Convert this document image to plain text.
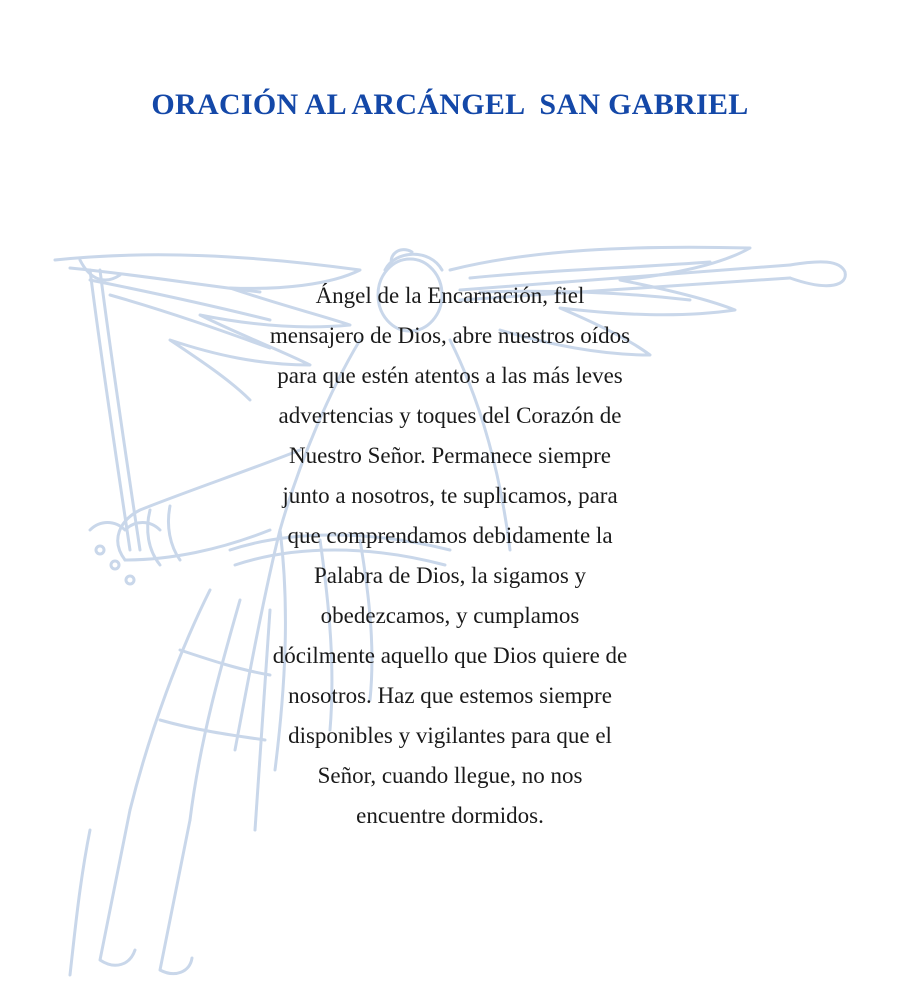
ORACIÓN AL ARCÁNGEL  SAN GABRIEL
Ángel de la Encarnación, fiel
mensajero de Dios, abre nuestros oídos
para que estén atentos a las más leves
advertencias y toques del Corazón de
Nuestro Señor. Permanece siempre
junto a nosotros, te suplicamos, para
que comprendamos debidamente la
Palabra de Dios, la sigamos y
obedezcamos, y cumplamos
dócilmente aquello que Dios quiere de
nosotros. Haz que estemos siempre
disponibles y vigilantes para que el
Señor, cuando llegue, no nos
encuentre dormidos.
